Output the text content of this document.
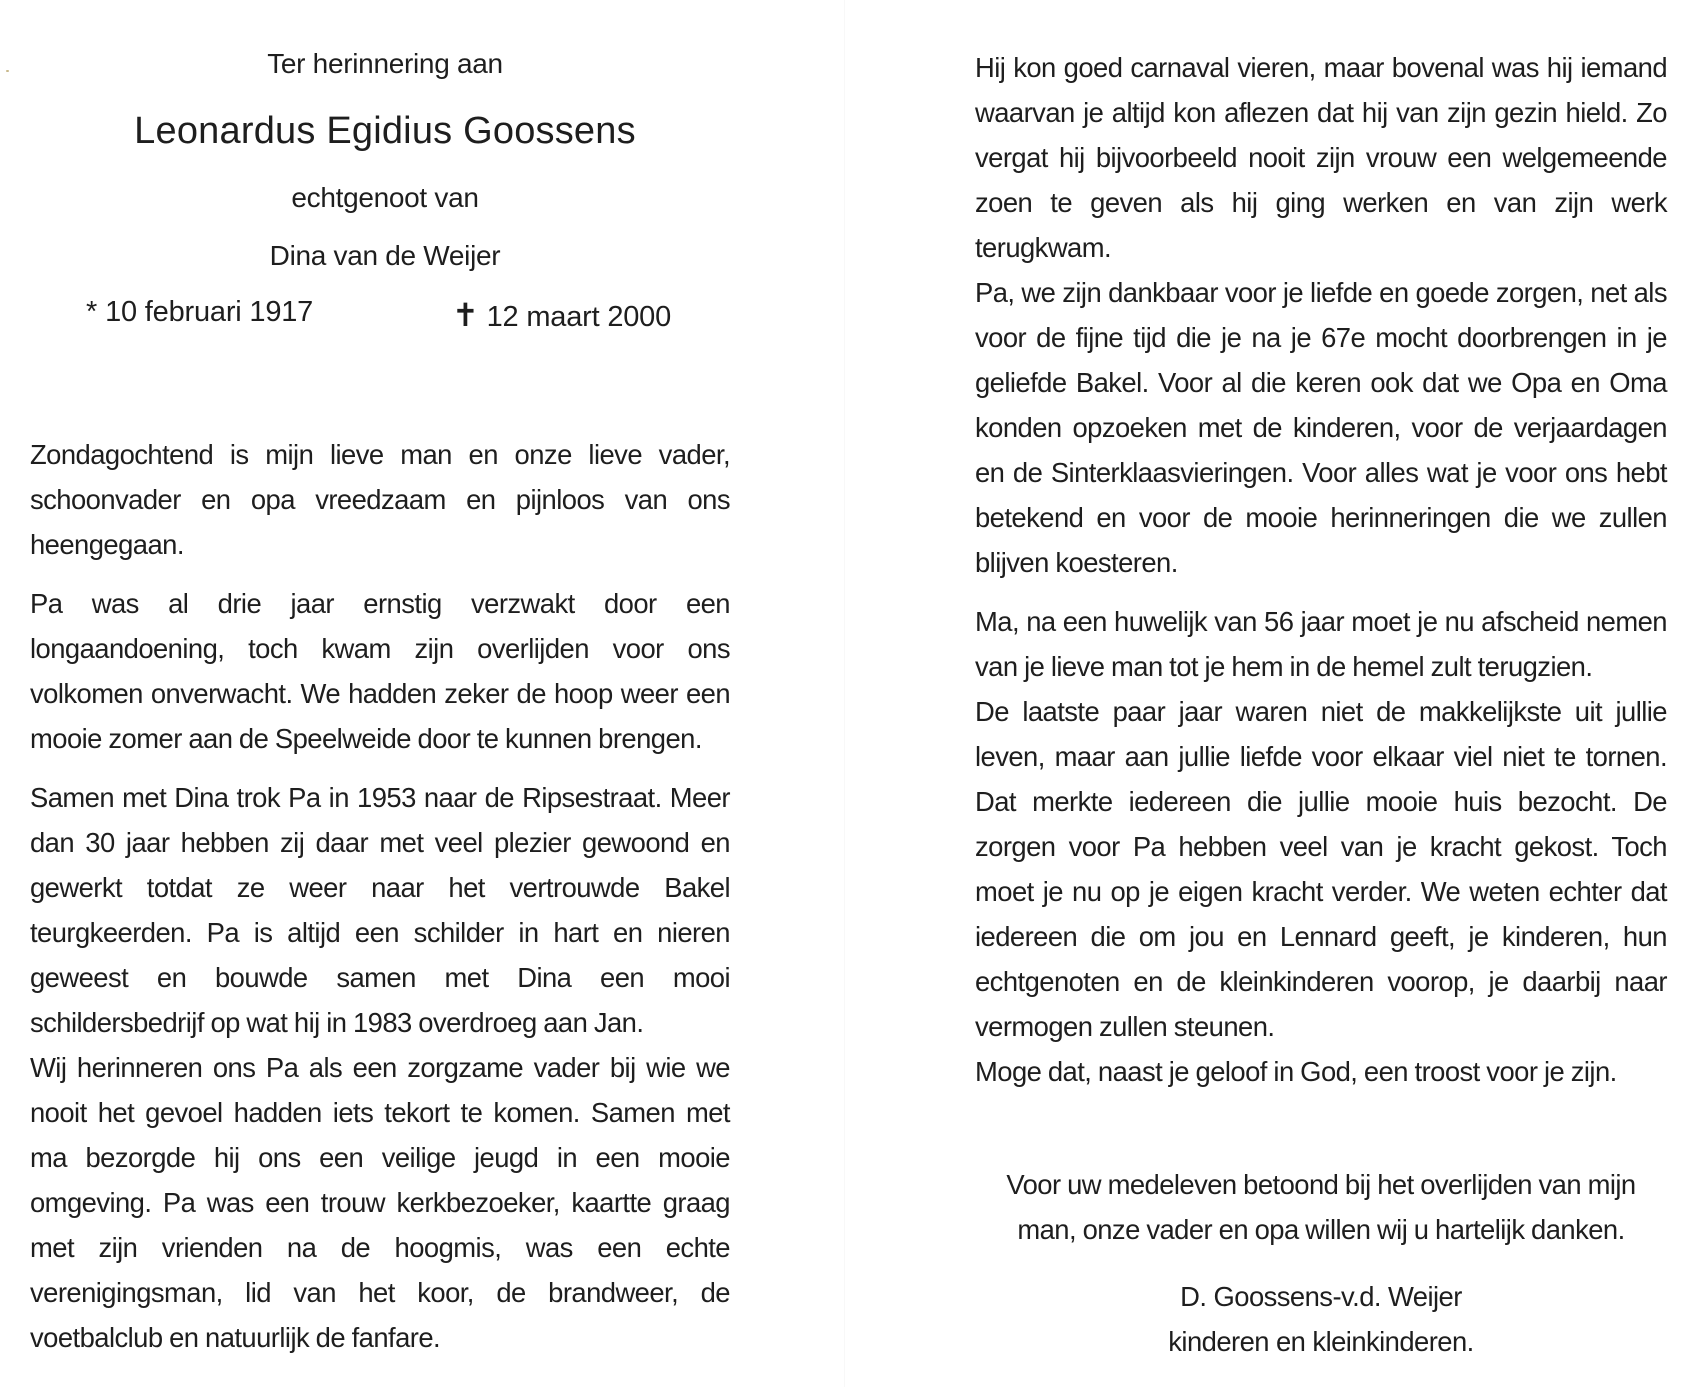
Ter herinnering aan
Leonardus Egidius Goossens
echtgenoot van
Dina van de Weijer
* 10 februari 1917	✝ 12 maart 2000

Zondagochtend is mijn lieve man en onze lieve vader, schoonvader en opa vreedzaam en pijnloos van ons heengegaan.

Pa was al drie jaar ernstig verzwakt door een longaandoening, toch kwam zijn overlijden voor ons volkomen onverwacht. We hadden zeker de hoop weer een mooie zomer aan de Speelweide door te kunnen brengen.

Samen met Dina trok Pa in 1953 naar de Ripsestraat. Meer dan 30 jaar hebben zij daar met veel plezier gewoond en gewerkt totdat ze weer naar het vertrouwde Bakel teurgkeerden. Pa is altijd een schilder in hart en nieren geweest en bouwde samen met Dina een mooi schildersbedrijf op wat hij in 1983 overdroeg aan Jan.

Wij herinneren ons Pa als een zorgzame vader bij wie we nooit het gevoel hadden iets tekort te komen. Samen met ma bezorgde hij ons een veilige jeugd in een mooie omgeving. Pa was een trouw kerkbezoeker, kaartte graag met zijn vrienden na de hoogmis, was een echte verenigingsman, lid van het koor, de brandweer, de voetbalclub en natuurlijk de fanfare.

Hij kon goed carnaval vieren, maar bovenal was hij iemand waarvan je altijd kon aflezen dat hij van zijn gezin hield. Zo vergat hij bijvoorbeeld nooit zijn vrouw een welgemeende zoen te geven als hij ging werken en van zijn werk terugkwam.

Pa, we zijn dankbaar voor je liefde en goede zorgen, net als voor de fijne tijd die je na je 67e mocht doorbrengen in je geliefde Bakel. Voor al die keren ook dat we Opa en Oma konden opzoeken met de kinderen, voor de verjaardagen en de Sinterklaasvieringen. Voor alles wat je voor ons hebt betekend en voor de mooie herinneringen die we zullen blijven koesteren.

Ma, na een huwelijk van 56 jaar moet je nu afscheid nemen van je lieve man tot je hem in de hemel zult terugzien.

De laatste paar jaar waren niet de makkelijkste uit jullie leven, maar aan jullie liefde voor elkaar viel niet te tornen. Dat merkte iedereen die jullie mooie huis bezocht. De zorgen voor Pa hebben veel van je kracht gekost. Toch moet je nu op je eigen kracht verder. We weten echter dat iedereen die om jou en Lennard geeft, je kinderen, hun echtgenoten en de kleinkinderen voorop, je daarbij naar vermogen zullen steunen.

Moge dat, naast je geloof in God, een troost voor je zijn.

Voor uw medeleven betoond bij het overlijden van mijn
man, onze vader en opa willen wij u hartelijk danken.
D. Goossens-v.d. Weijer
kinderen en kleinkinderen.
